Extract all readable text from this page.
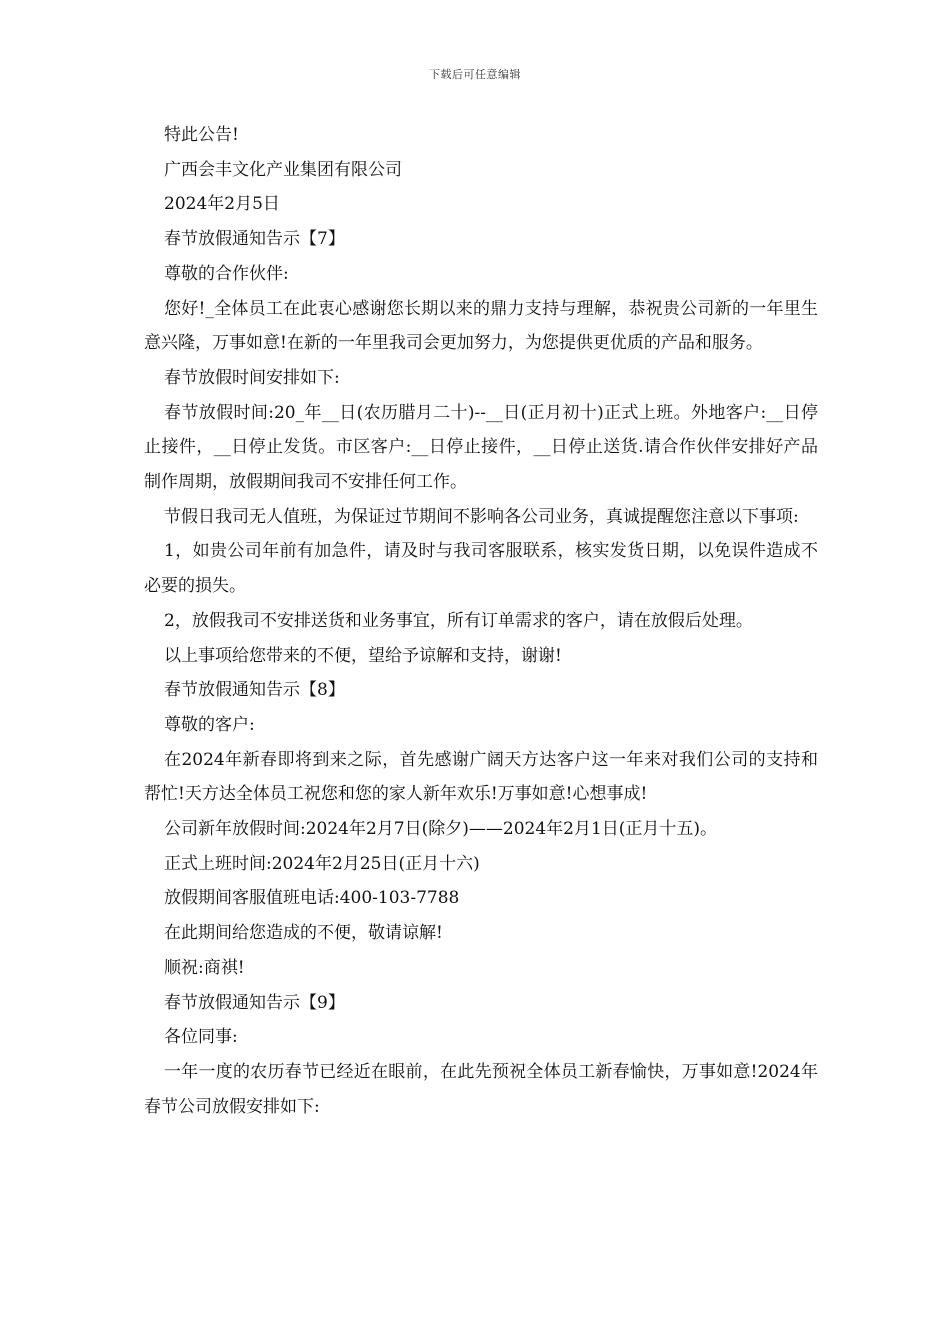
下载后可任意编辑

特此公告!

广西会丰文化产业集团有限公司

2024年2月5日

春节放假通知告示【7】

尊敬的合作伙伴:

您好!_全体员工在此衷心感谢您长期以来的鼎力支持与理解，恭祝贵公司新的一年里生意兴隆，万事如意!在新的一年里我司会更加努力，为您提供更优质的产品和服务。

春节放假时间安排如下:

春节放假时间:20_年__日(农历腊月二十)--__日(正月初十)正式上班。外地客户:__日停止接件，__日停止发货。市区客户:__日停止接件，__日停止送货.请合作伙伴安排好产品制作周期，放假期间我司不安排任何工作。

节假日我司无人值班，为保证过节期间不影响各公司业务，真诚提醒您注意以下事项:

1，如贵公司年前有加急件，请及时与我司客服联系，核实发货日期，以免误件造成不必要的损失。

2，放假我司不安排送货和业务事宜，所有订单需求的客户，请在放假后处理。

以上事项给您带来的不便，望给予谅解和支持，谢谢!

春节放假通知告示【8】

尊敬的客户:

在2024年新春即将到来之际，首先感谢广阔天方达客户这一年来对我们公司的支持和帮忙!天方达全体员工祝您和您的家人新年欢乐!万事如意!心想事成!

公司新年放假时间:2024年2月7日(除夕)——2024年2月1日(正月十五)。

正式上班时间:2024年2月25日(正月十六)

放假期间客服值班电话:400-103-7788

在此期间给您造成的不便，敬请谅解!

顺祝:商祺!

春节放假通知告示【9】

各位同事:

一年一度的农历春节已经近在眼前，在此先预祝全体员工新春愉快，万事如意!2024年春节公司放假安排如下:
